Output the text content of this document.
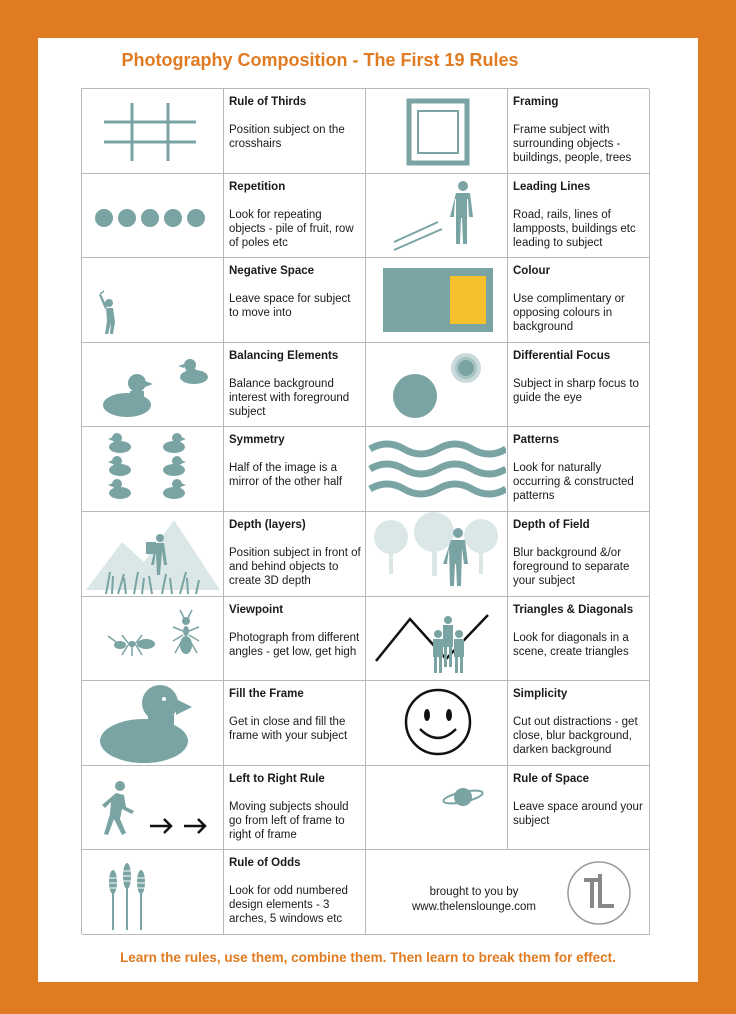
Photography Composition - The First 19 Rules
Rule of Thirds
Position subject on the crosshairs
Framing
Frame subject with surrounding objects - buildings, people, trees
Repetition
Look for repeating objects - pile of fruit, row of poles etc
Leading Lines
Road, rails, lines of lampposts, buildings etc leading to subject
Negative Space
Leave space for subject to move into
Colour
Use complimentary or opposing colours in background
Balancing Elements
Balance background interest with foreground subject
Differential Focus
Subject in sharp focus to guide the eye
Symmetry
Half of the image is a mirror of the other half
Patterns
Look for naturally occurring & constructed patterns
Depth (layers)
Position subject in front of and behind objects to create 3D depth
Depth of Field
Blur background &/or foreground to separate your subject
Viewpoint
Photograph from different angles - get low, get high
Triangles & Diagonals
Look for diagonals in a scene, create triangles
Fill the Frame
Get in close and fill the frame with your subject
Simplicity
Cut out distractions - get close, blur background, darken background
Left to Right Rule
Moving subjects should go from left of frame to right of frame
Rule of Space
Leave space around your subject
Rule of Odds
Look for odd numbered design elements - 3 arches, 5 windows etc
brought to you by
www.thelenslounge.com
Learn the rules, use them, combine them. Then learn to break them for effect.
